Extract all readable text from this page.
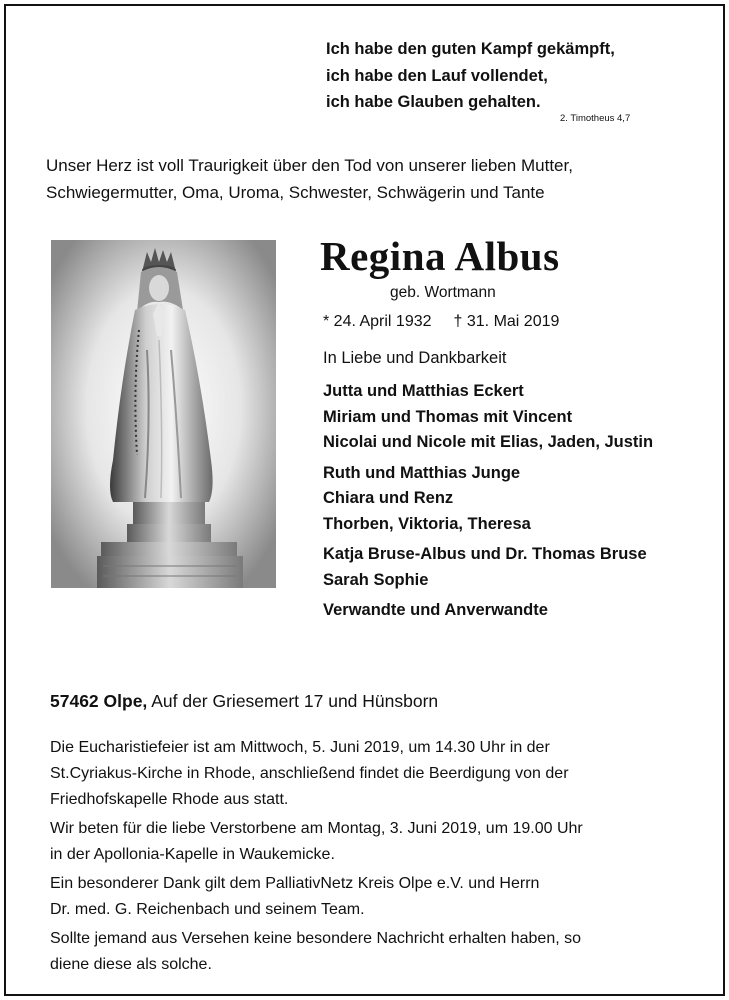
Ich habe den guten Kampf gekämpft,
ich habe den Lauf vollendet,
ich habe Glauben gehalten.
2. Timotheus 4,7
Unser Herz ist voll Traurigkeit über den Tod von unserer lieben Mutter,
Schwiegermutter, Oma, Uroma, Schwester, Schwägerin und Tante
Regina Albus
geb. Wortmann
* 24. April 1932 † 31. Mai 2019
In Liebe und Dankbarkeit
Jutta und Matthias Eckert
Miriam und Thomas mit Vincent
Nicolai und Nicole mit Elias, Jaden, Justin
Ruth und Matthias Junge
Chiara und Renz
Thorben, Viktoria, Theresa
Katja Bruse-Albus und Dr. Thomas Bruse
Sarah Sophie
Verwandte und Anverwandte
57462 Olpe, Auf der Griesemert 17 und Hünsborn

Die Eucharistiefeier ist am Mittwoch, 5. Juni 2019, um 14.30 Uhr in der
St.Cyriakus-Kirche in Rhode, anschließend findet die Beerdigung von der
Friedhofskapelle Rhode aus statt.

Wir beten für die liebe Verstorbene am Montag, 3. Juni 2019, um 19.00 Uhr
in der Apollonia-Kapelle in Waukemicke.

Ein besonderer Dank gilt dem PalliativNetz Kreis Olpe e.V. und Herrn
Dr. med. G. Reichenbach und seinem Team.

Sollte jemand aus Versehen keine besondere Nachricht erhalten haben, so
diene diese als solche.
